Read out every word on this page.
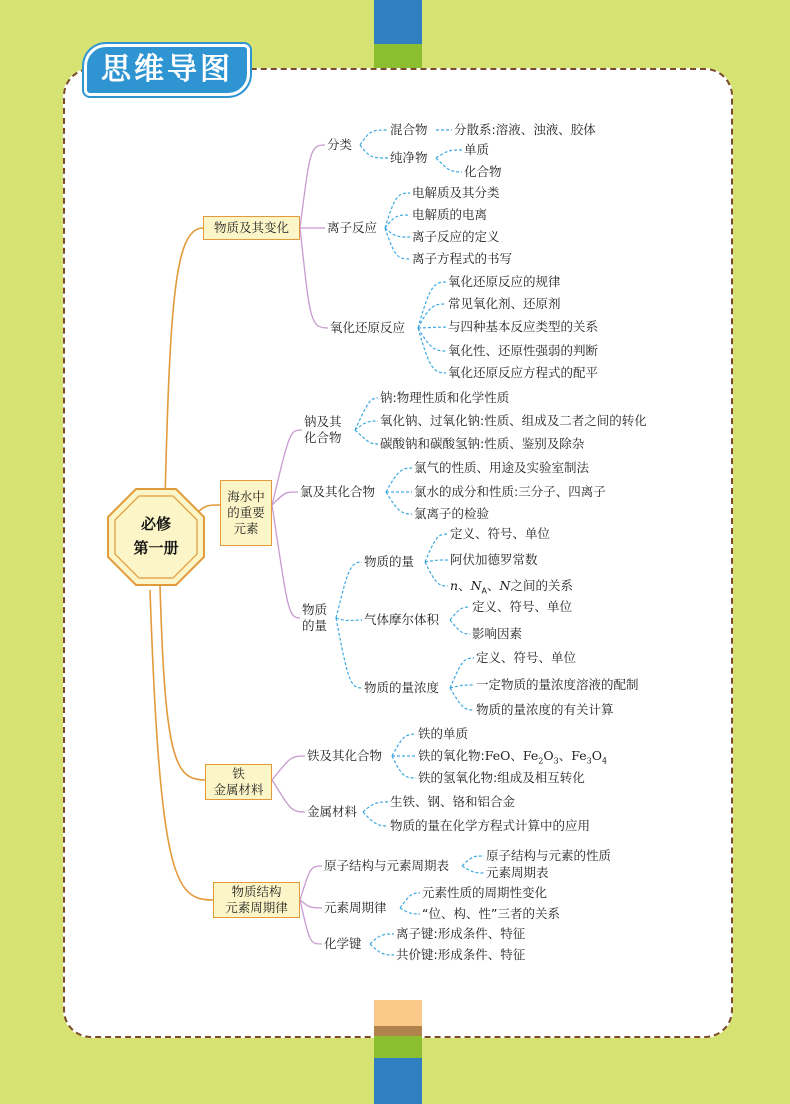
思维导图
必修
第一册
物质及其变化
分类
混合物 分散系:溶液、浊液、胶体
纯净物
单质
化合物
离子反应
电解质及其分类
电解质的电离
离子反应的定义
离子方程式的书写
氧化还原反应
氧化还原反应的规律
常见氧化剂、还原剂
与四种基本反应类型的关系
氧化性、还原性强弱的判断
氧化还原反应方程式的配平
海水中
的重要
元素
钠及其
化合物
钠:物理性质和化学性质
氧化钠、过氧化钠:性质、组成及二者之间的转化
碳酸钠和碳酸氢钠:性质、鉴别及除杂
氯及其化合物
氯气的性质、用途及实验室制法
氯水的成分和性质:三分子、四离子
氯离子的检验
物质
的量
物质的量
定义、符号、单位
阿伏加德罗常数
n、$N_A$、N之间的关系
气体摩尔体积
定义、符号、单位
影响因素
物质的量浓度
定义、符号、单位
一定物质的量浓度溶液的配制
物质的量浓度的有关计算
铁
金属材料
铁及其化合物
铁的单质
铁的氧化物:FeO、$Fe_2O_3$、$Fe_3O_4$
铁的氢氧化物:组成及相互转化
金属材料
生铁、钢、铬和铝合金
物质的量在化学方程式计算中的应用
物质结构
元素周期律
原子结构与元素周期表
原子结构与元素的性质
元素周期表
元素周期律
元素性质的周期性变化
“位、构、性”三者的关系
化学键
离子键:形成条件、特征
共价键:形成条件、特征
